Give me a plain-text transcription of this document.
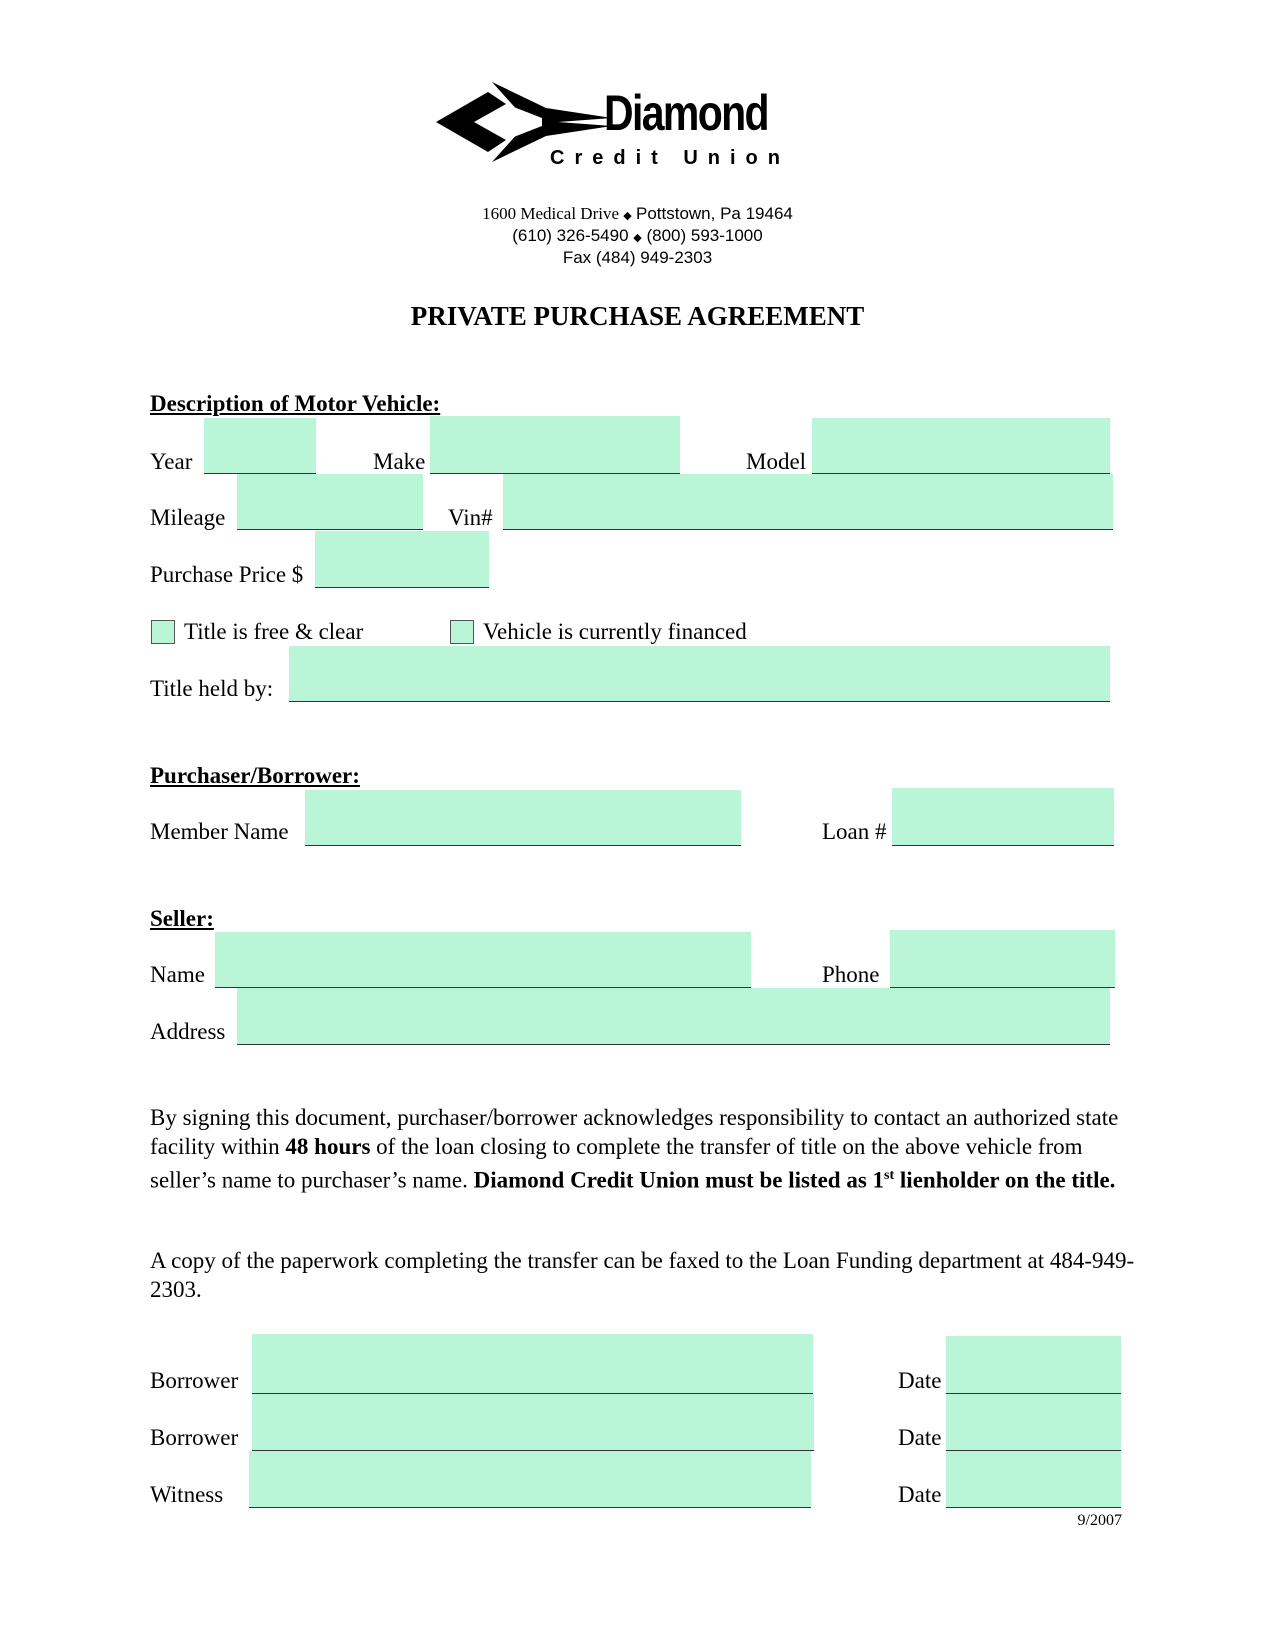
Diamond
Credit Union
1600 Medical Drive ◆ Pottstown, Pa 19464
(610) 326-5490 ◆ (800) 593-1000
Fax (484) 949-2303
PRIVATE PURCHASE AGREEMENT
Description of Motor Vehicle:
Year	Make	Model
Mileage	Vin#
Purchase Price $
Title is free & clear	Vehicle is currently financed
Title held by:
Purchaser/Borrower:
Member Name	Loan #
Seller:
Name	Phone
Address
By signing this document, purchaser/borrower acknowledges responsibility to contact an authorized state facility within 48 hours of the loan closing to complete the transfer of title on the above vehicle from seller’s name to purchaser’s name. Diamond Credit Union must be listed as 1st lienholder on the title.
A copy of the paperwork completing the transfer can be faxed to the Loan Funding department at 484-949-2303.
Borrower	Date
Borrower	Date
Witness	Date
9/2007
